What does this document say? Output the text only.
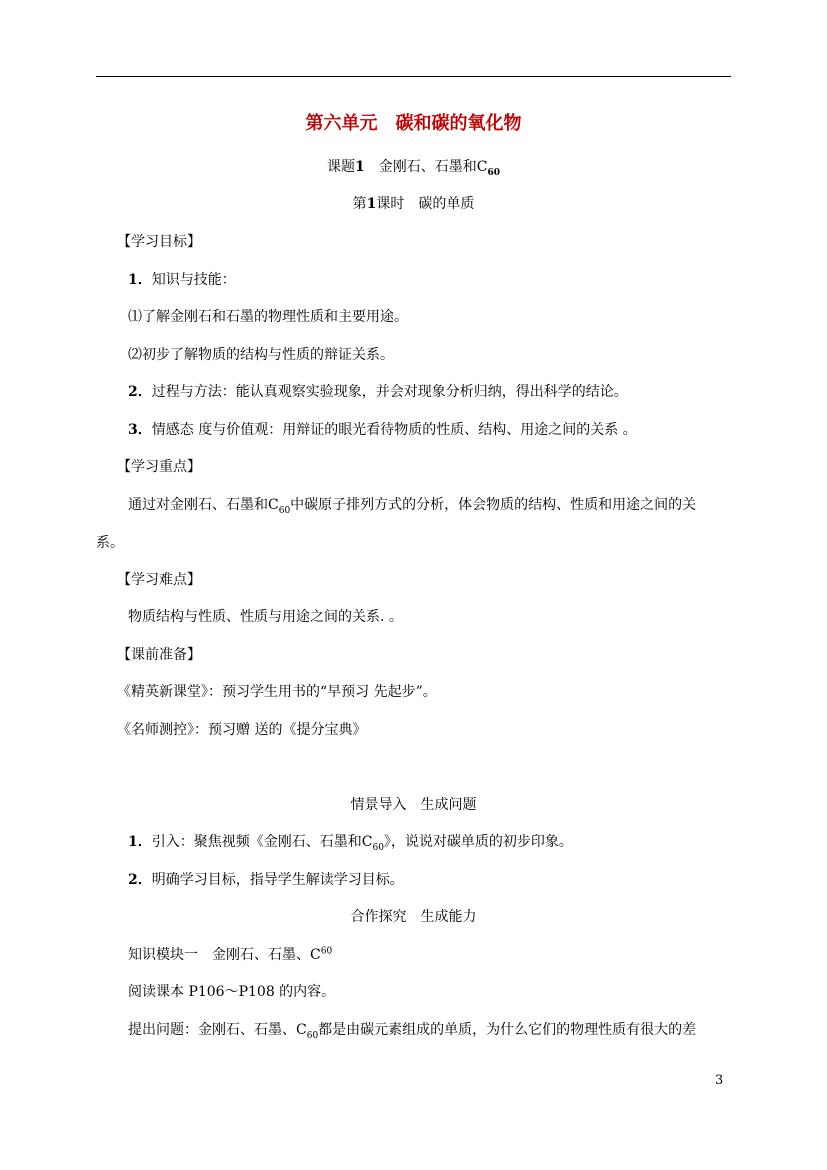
第六单元　碳和碳的氧化物
课题1　金刚石、石墨和$C_{60}$
第1课时　碳的单质
【学习目标】
1．知识与技能：
⑴了解金刚石和石墨的物理性质和主要用途。
⑵初步了解物质的结构与性质的辩证关系。
2．过程与方法：能认真观察实验现象，并会对现象分析归纳，得出科学的结论。
3．情感态 度与价值观：用辩证的眼光看待物质的性质、结构、用途之间的关系 。
【学习重点】
通过对金刚石、石墨和$C_{60}$中碳原子排列方式的分析，体会物质的结构、性质和用途之间的关
系。
【学习难点】
物质结构与性质、性质与用途之间的关系. 。
【课前准备】
《精英新课堂》：预习学生用书的“早预习 先起步”。
《名师测控》：预习赠 送的《提分宝典》
情景导入　生成问题
1．引入：聚焦视频《金刚石、石墨和$C_{60}$》，说说对碳单质的初步印象。
2．明确学习目标，指导学生解读学习目标。
合作探究　生成能力
知识模块一　金刚石、石墨、$C^{60}$
阅读课本 P106～P108 的内容。
提出问题：金刚石、石墨、$C_{60}$都是由碳元素组成的单质，为什么它们的物理性质有很大的差
3
